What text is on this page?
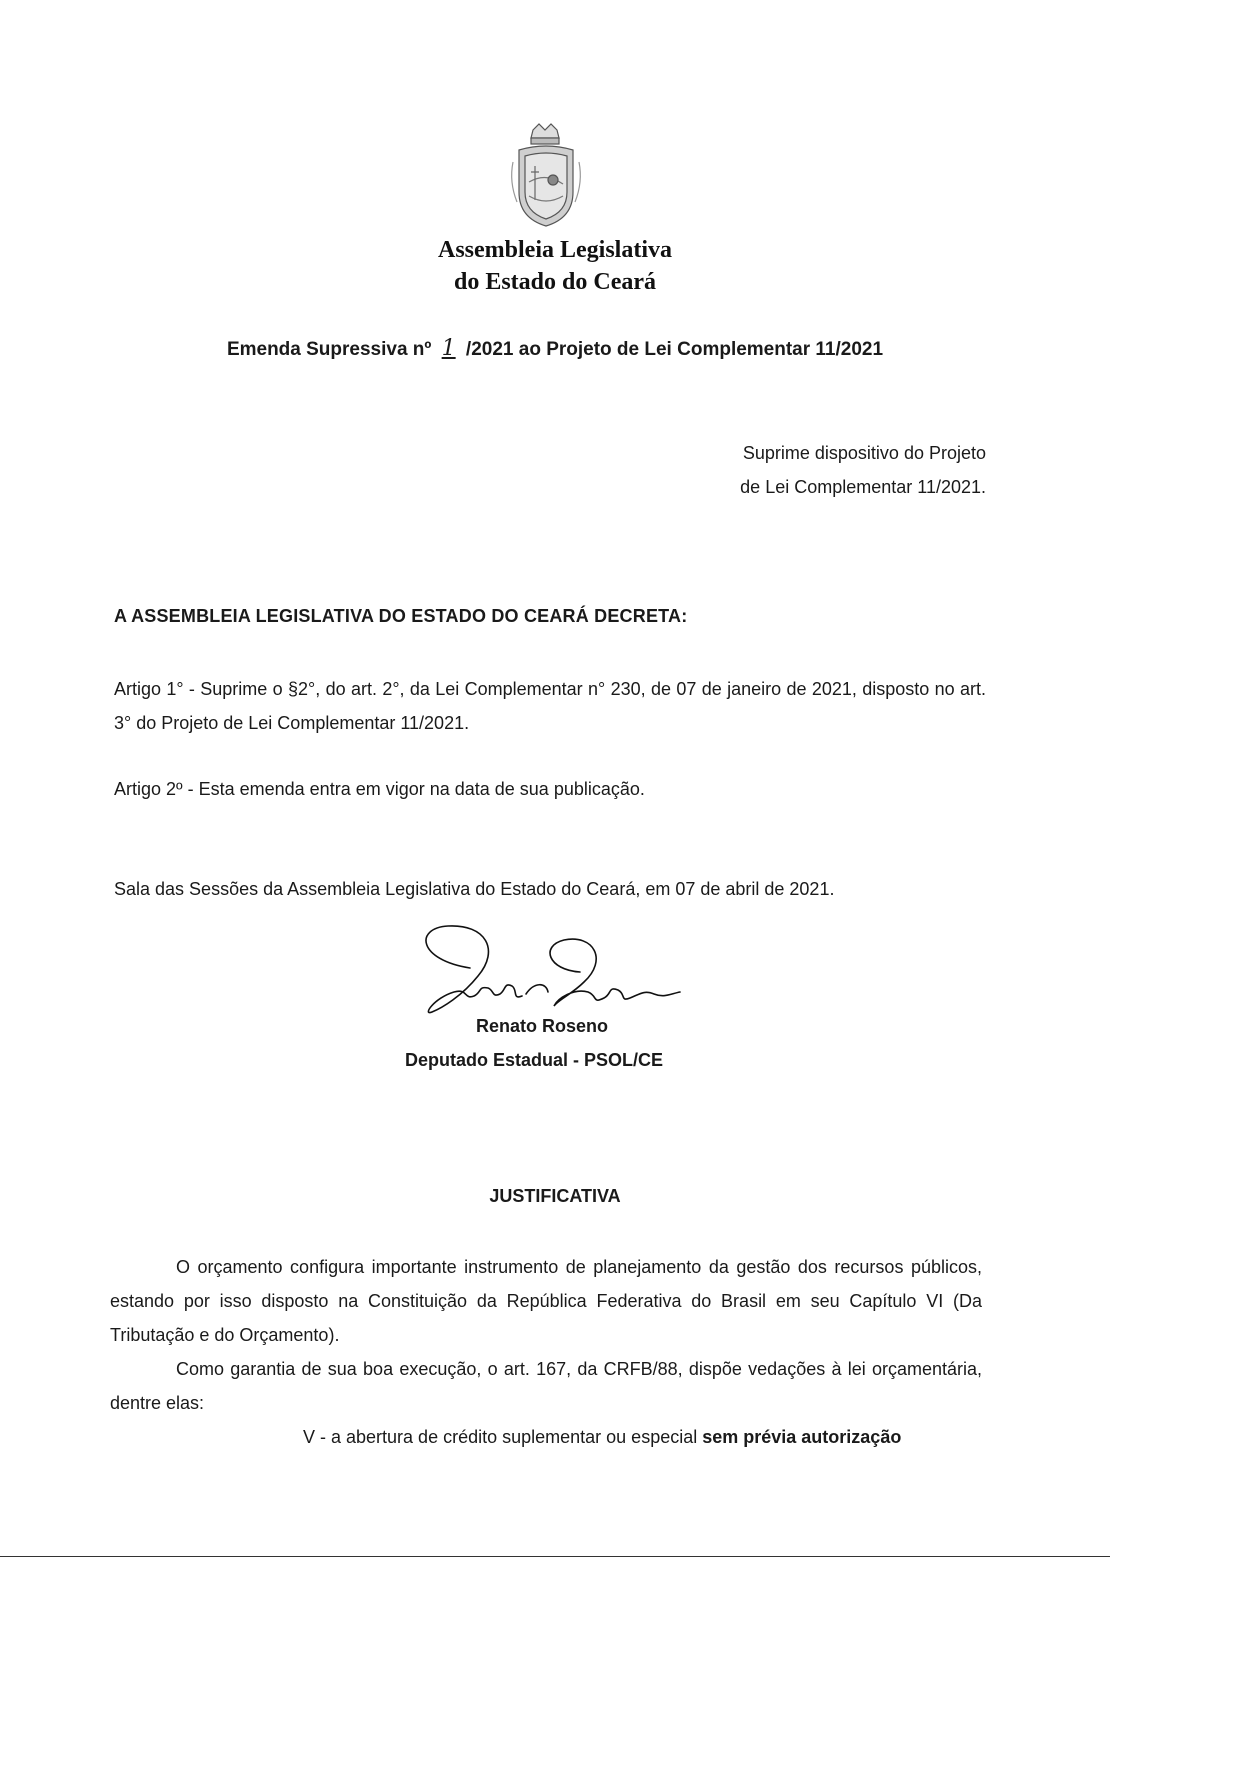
Assembleia Legislativa
do Estado do Ceará
Emenda Supressiva nº 1 /2021 ao Projeto de Lei Complementar 11/2021
Suprime dispositivo do Projeto
de Lei Complementar 11/2021.
A ASSEMBLEIA LEGISLATIVA DO ESTADO DO CEARÁ DECRETA:
Artigo 1° - Suprime o §2°, do art. 2°, da Lei Complementar n° 230, de 07 de janeiro de 2021, disposto no art. 3° do Projeto de Lei Complementar 11/2021.
Artigo 2º - Esta emenda entra em vigor na data de sua publicação.
Sala das Sessões da Assembleia Legislativa do Estado do Ceará, em 07 de abril de 2021.
Renato Roseno
Deputado Estadual - PSOL/CE
JUSTIFICATIVA
O orçamento configura importante instrumento de planejamento da gestão dos recursos públicos, estando por isso disposto na Constituição da República Federativa do Brasil em seu Capítulo VI (Da Tributação e do Orçamento).
Como garantia de sua boa execução, o art. 167, da CRFB/88, dispõe vedações à lei orçamentária, dentre elas:
V - a abertura de crédito suplementar ou especial sem prévia autorização
